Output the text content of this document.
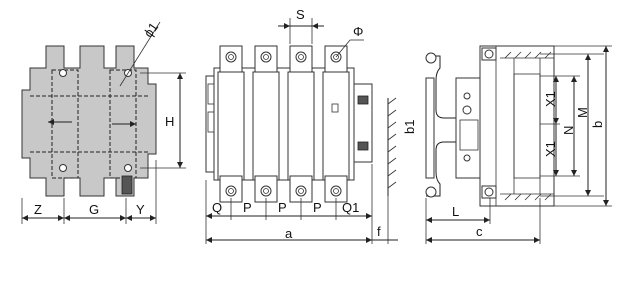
ϕ1
H
Z	G	Y
S
Φ
b1
Q P P P Q1
a	f
X1
X1
N
M
b
L
c
